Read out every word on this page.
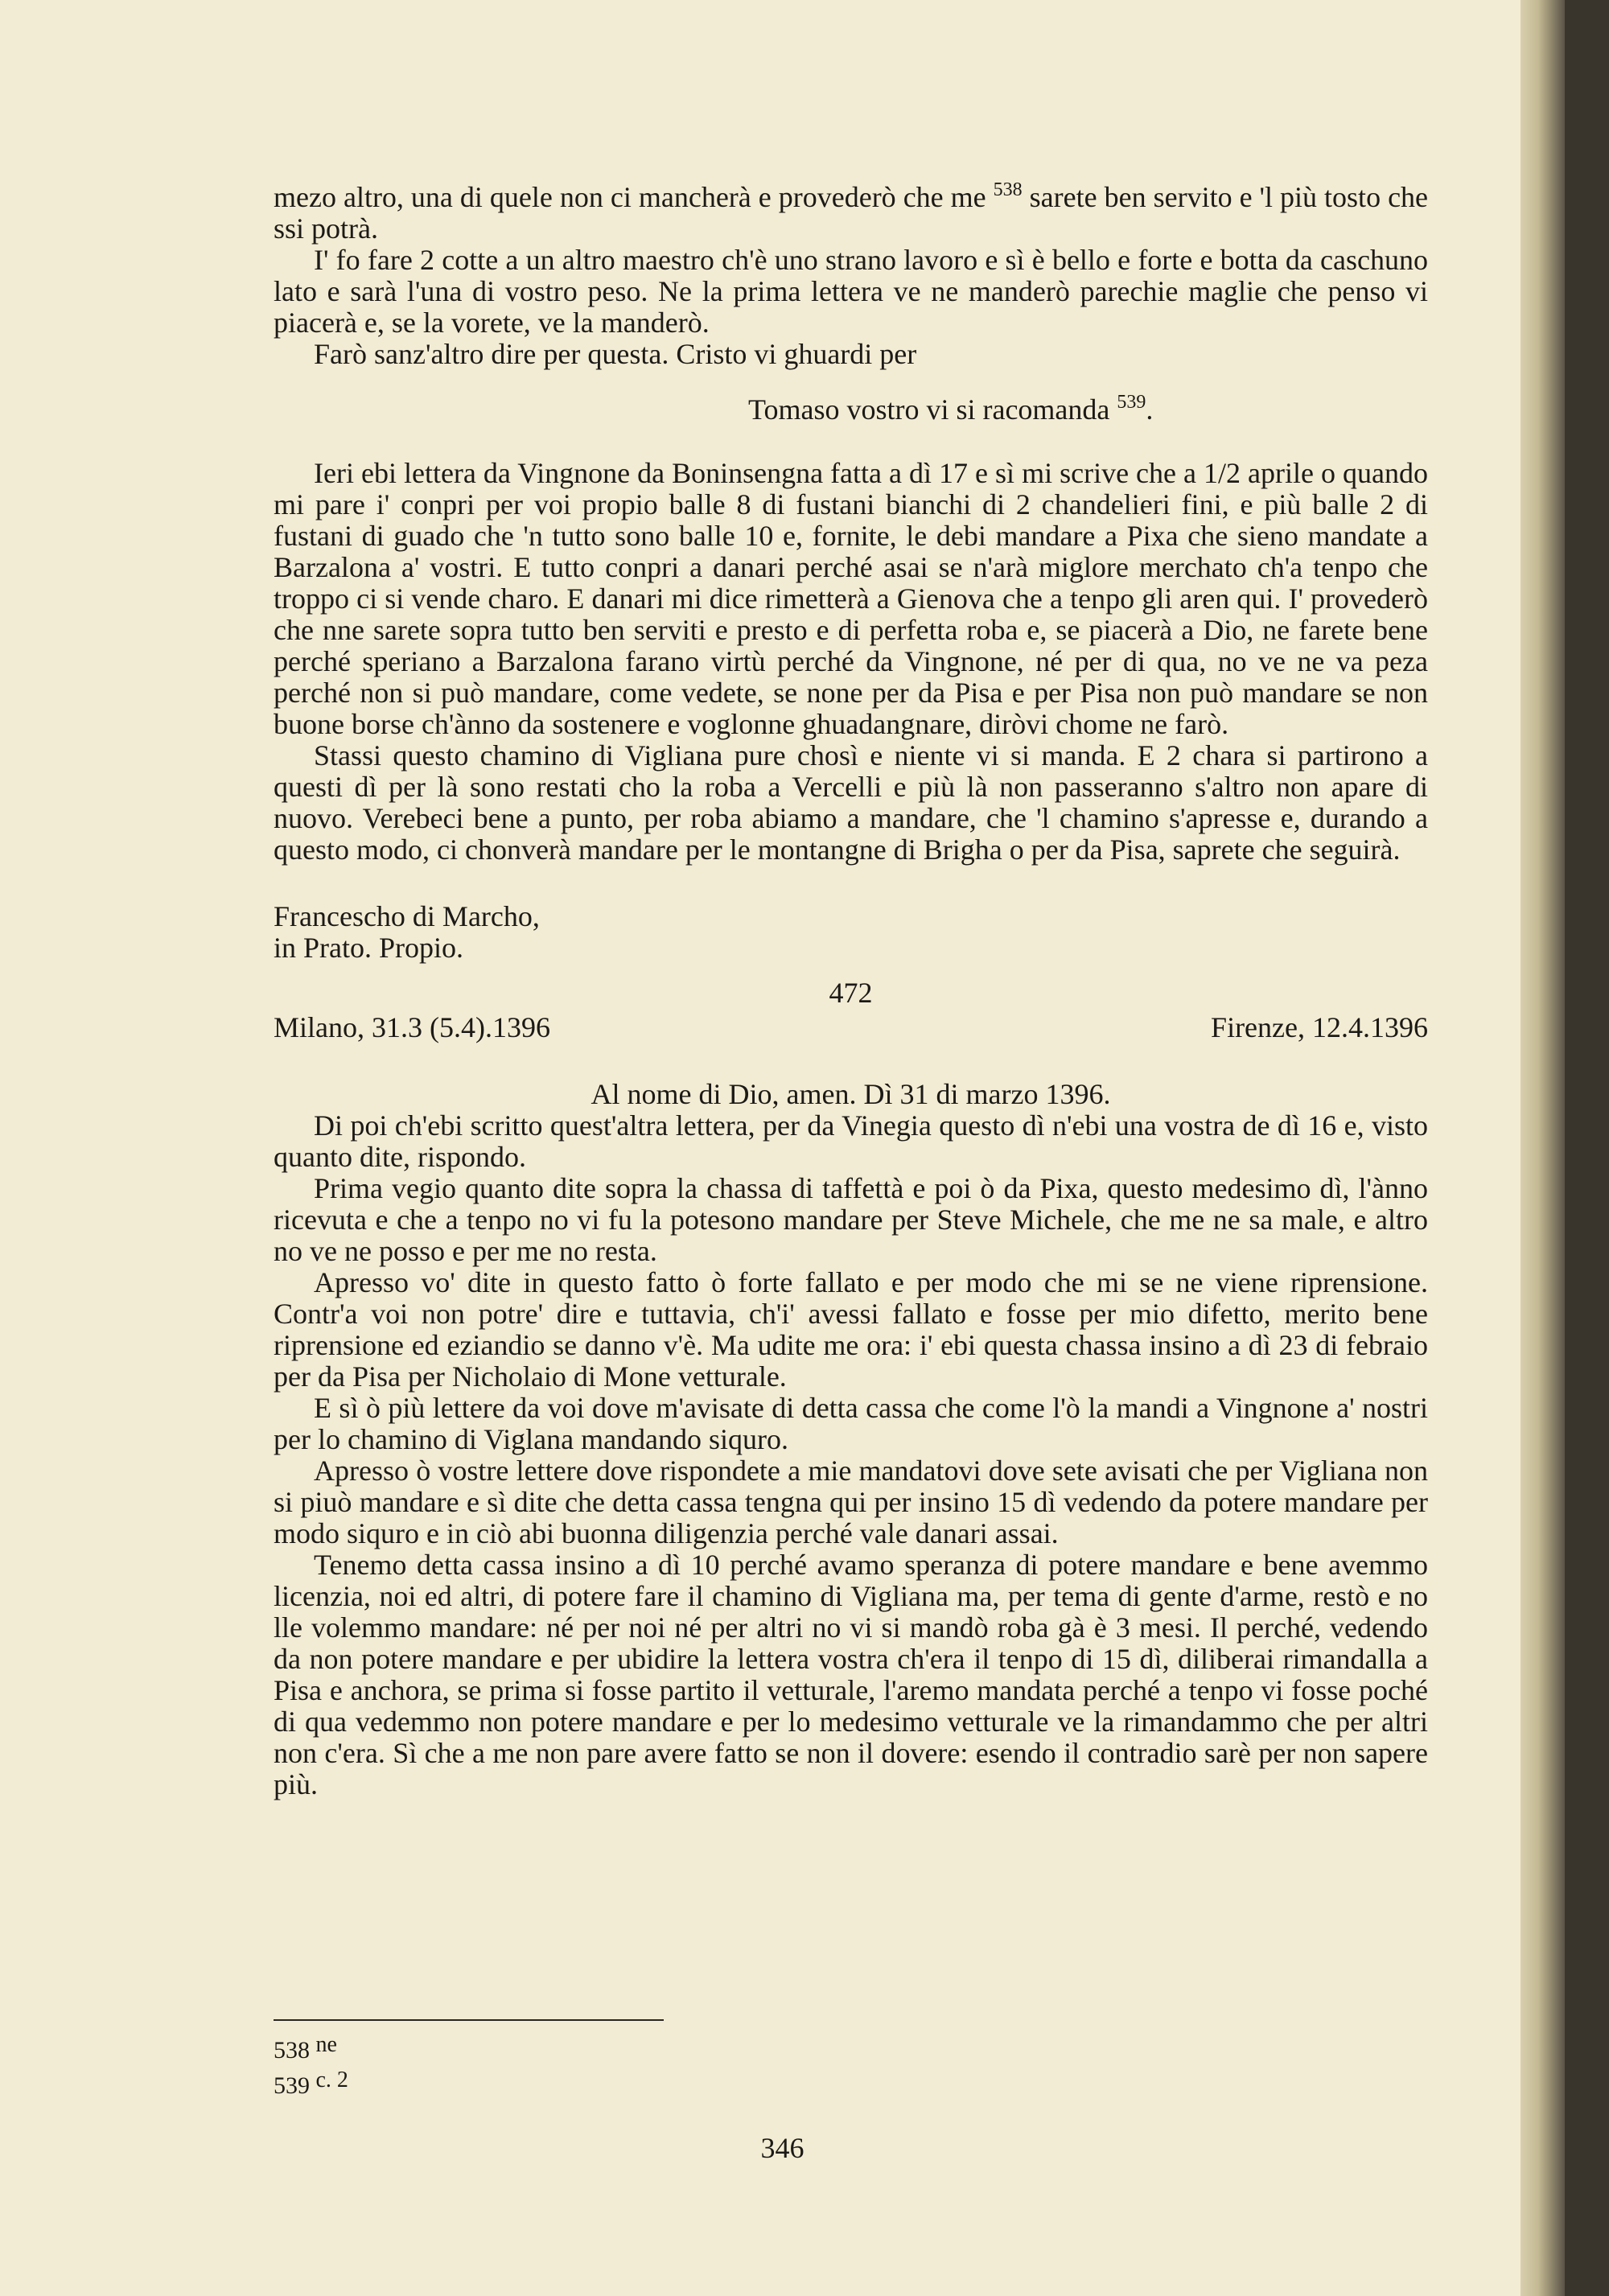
mezo altro, una di quele non ci mancherà e provederò che me $^{538}$ sarete ben servito e 'l più tosto che ssi potrà.

I' fo fare 2 cotte a un altro maestro ch'è uno strano lavoro e sì è bello e forte e botta da caschuno lato e sarà l'una di vostro peso. Ne la prima lettera ve ne manderò parechie maglie che penso vi piacerà e, se la vorete, ve la manderò.

Farò sanz'altro dire per questa. Cristo vi ghuardi per

Tomaso vostro vi si racomanda $^{539}$.

Ieri ebi lettera da Vingnone da Boninsengna fatta a dì 17 e sì mi scrive che a 1/2 aprile o quando mi pare i' conpri per voi propio balle 8 di fustani bianchi di 2 chandelieri fini, e più balle 2 di fustani di guado che 'n tutto sono balle 10 e, fornite, le debi mandare a Pixa che sieno mandate a Barzalona a' vostri. E tutto conpri a danari perché asai se n'arà miglore merchato ch'a tenpo che troppo ci si vende charo. E danari mi dice rimetterà a Gienova che a tenpo gli aren qui. I' provederò che nne sarete sopra tutto ben serviti e presto e di perfetta roba e, se piacerà a Dio, ne farete bene perché speriano a Barzalona farano virtù perché da Vingnone, né per di qua, no ve ne va peza perché non si può mandare, come vedete, se none per da Pisa e per Pisa non può mandare se non buone borse ch'ànno da sostenere e voglonne ghuadangnare, diròvi chome ne farò.

Stassi questo chamino di Vigliana pure chosì e niente vi si manda. E 2 chara si partirono a questi dì per là sono restati cho la roba a Vercelli e più là non passeranno s'altro non apare di nuovo. Verebeci bene a punto, per roba abiamo a mandare, che 'l chamino s'apresse e, durando a questo modo, ci chonverà mandare per le montangne di Brigha o per da Pisa, saprete che seguirà.

Francescho di Marcho,
in Prato. Propio.
472
Milano, 31.3 (5.4).1396	Firenze, 12.4.1396
Al nome di Dio, amen. Dì 31 di marzo 1396.

Di poi ch'ebi scritto quest'altra lettera, per da Vinegia questo dì n'ebi una vostra de dì 16 e, visto quanto dite, rispondo.

Prima vegio quanto dite sopra la chassa di taffettà e poi ò da Pixa, questo medesimo dì, l'ànno ricevuta e che a tenpo no vi fu la potesono mandare per Steve Michele, che me ne sa male, e altro no ve ne posso e per me no resta.

Apresso vo' dite in questo fatto ò forte fallato e per modo che mi se ne viene riprensione. Contr'a voi non potre' dire e tuttavia, ch'i' avessi fallato e fosse per mio difetto, merito bene riprensione ed eziandio se danno v'è. Ma udite me ora: i' ebi questa chassa insino a dì 23 di febraio per da Pisa per Nicholaio di Mone vetturale.

E sì ò più lettere da voi dove m'avisate di detta cassa che come l'ò la mandi a Vingnone a' nostri per lo chamino di Viglana mandando siquro.

Apresso ò vostre lettere dove rispondete a mie mandatovi dove sete avisati che per Vigliana non si piuò mandare e sì dite che detta cassa tengna qui per insino 15 dì vedendo da potere mandare per modo siquro e in ciò abi buonna diligenzia perché vale danari assai.

Tenemo detta cassa insino a dì 10 perché avamo speranza di potere mandare e bene avemmo licenzia, noi ed altri, di potere fare il chamino di Vigliana ma, per tema di gente d'arme, restò e no lle volemmo mandare: né per noi né per altri no vi si mandò roba gà è 3 mesi. Il perché, vedendo da non potere mandare e per ubidire la lettera vostra ch'era il tenpo di 15 dì, diliberai rimandalla a Pisa e anchora, se prima si fosse partito il vetturale, l'aremo mandata perché a tenpo vi fosse poché di qua vedemmo non potere mandare e per lo medesimo vetturale ve la rimandammo che per altri non c'era. Sì che a me non pare avere fatto se non il dovere: esendo il contradio sarè per non sapere più.

538 ne
539 c. 2
346
